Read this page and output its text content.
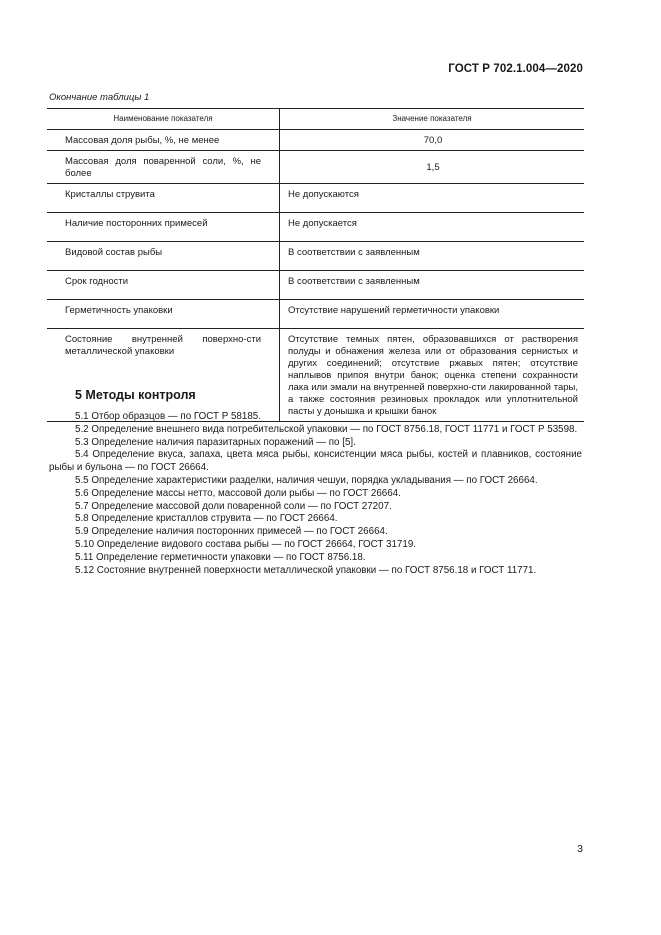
ГОСТ Р 702.1.004—2020
Окончание таблицы 1
Наименование показателя	Значение показателя
Массовая доля рыбы, %, не менее	70,0
Массовая доля поваренной соли, %, не более	1,5
Кристаллы струвита	Не допускаются
Наличие посторонних примесей	Не допускается
Видовой состав рыбы	В соответствии с заявленным
Срок годности	В соответствии с заявленным
Герметичность упаковки	Отсутствие нарушений герметичности упаковки
Состояние внутренней поверхно-сти металлической упаковки	Отсутствие темных пятен, образовавшихся от растворения полуды и обнажения железа или от образования сернистых и других соединений; отсутствие ржавых пятен; отсутствие наплывов припоя внутри банок; оценка степени сохранности лака или эмали на внутренней поверхно-сти лакированной тары, а также состояния резиновых прокладок или уплотнительной пасты у донышка и крышки банок
5 Методы контроля
5.1 Отбор образцов — по ГОСТ Р 58185.
5.2 Определение внешнего вида потребительской упаковки — по ГОСТ 8756.18, ГОСТ 11771 и ГОСТ Р 53598.
5.3 Определение наличия паразитарных поражений — по [5].
5.4 Определение вкуса, запаха, цвета мяса рыбы, консистенции мяса рыбы, костей и плавников, состояние рыбы и бульона — по ГОСТ 26664.
5.5 Определение характеристики разделки, наличия чешуи, порядка укладывания — по ГОСТ 26664.
5.6 Определение массы нетто, массовой доли рыбы — по ГОСТ 26664.
5.7 Определение массовой доли поваренной соли — по ГОСТ 27207.
5.8 Определение кристаллов струвита — по ГОСТ 26664.
5.9 Определение наличия посторонних примесей — по ГОСТ 26664.
5.10 Определение видового состава рыбы — по ГОСТ 26664, ГОСТ 31719.
5.11 Определение герметичности упаковки — по ГОСТ 8756.18.
5.12 Состояние внутренней поверхности металлической упаковки — по ГОСТ 8756.18 и ГОСТ 11771.
3
